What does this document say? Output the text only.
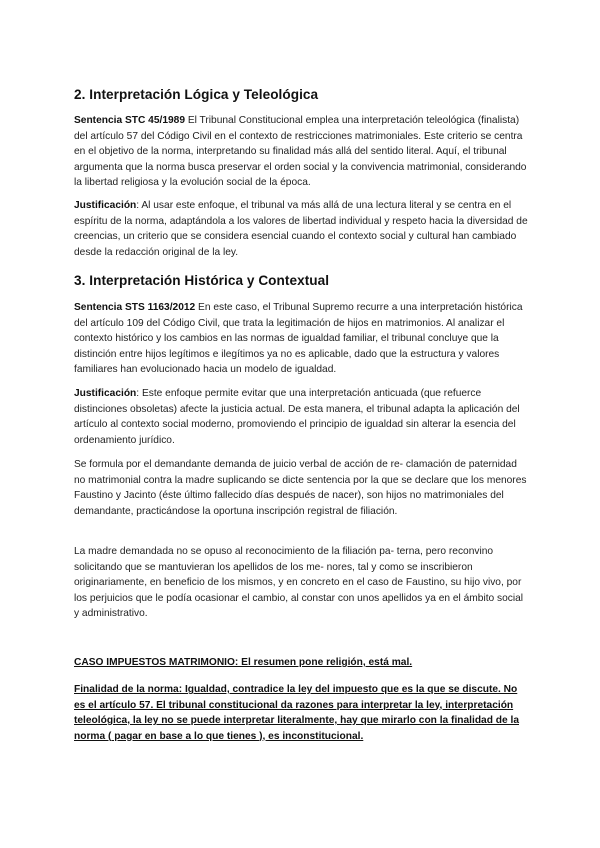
2. Interpretación Lógica y Teleológica

Sentencia STC 45/1989 El Tribunal Constitucional emplea una interpretación teleológica (finalista) del artículo 57 del Código Civil en el contexto de restricciones matrimoniales. Este criterio se centra en el objetivo de la norma, interpretando su finalidad más allá del sentido literal. Aquí, el tribunal argumenta que la norma busca preservar el orden social y la convivencia matrimonial, considerando la libertad religiosa y la evolución social de la época.

Justificación: Al usar este enfoque, el tribunal va más allá de una lectura literal y se centra en el espíritu de la norma, adaptándola a los valores de libertad individual y respeto hacia la diversidad de creencias, un criterio que se considera esencial cuando el contexto social y cultural han cambiado desde la redacción original de la ley.

3. Interpretación Histórica y Contextual

Sentencia STS 1163/2012 En este caso, el Tribunal Supremo recurre a una interpretación histórica del artículo 109 del Código Civil, que trata la legitimación de hijos en matrimonios. Al analizar el contexto histórico y los cambios en las normas de igualdad familiar, el tribunal concluye que la distinción entre hijos legítimos e ilegítimos ya no es aplicable, dado que la estructura y valores familiares han evolucionado hacia un modelo de igualdad.

Justificación: Este enfoque permite evitar que una interpretación anticuada (que refuerce distinciones obsoletas) afecte la justicia actual. De esta manera, el tribunal adapta la aplicación del artículo al contexto social moderno, promoviendo el principio de igualdad sin alterar la esencia del ordenamiento jurídico.

Se formula por el demandante demanda de juicio verbal de acción de re- clamación de paternidad no matrimonial contra la madre suplicando se dicte sentencia por la que se declare que los menores Faustino y Jacinto (éste último fallecido días después de nacer), son hijos no matrimoniales del demandante, practicándose la oportuna inscripción registral de filiación.

La madre demandada no se opuso al reconocimiento de la filiación pa- terna, pero reconvino solicitando que se mantuvieran los apellidos de los me- nores, tal y como se inscribieron originariamente, en beneficio de los mismos, y en concreto en el caso de Faustino, su hijo vivo, por los perjuicios que le podía ocasionar el cambio, al constar con unos apellidos ya en el ámbito social y administrativo.

CASO IMPUESTOS MATRIMONIO: El resumen pone religión, está mal.

Finalidad de la norma: Igualdad, contradice la ley del impuesto que es la que se discute. No es el artículo 57. El tribunal constitucional da razones para interpretar la ley, interpretación teleológica, la ley no se puede interpretar literalmente, hay que mirarlo con la finalidad de la norma ( pagar en base a lo que tienes ), es inconstitucional.
